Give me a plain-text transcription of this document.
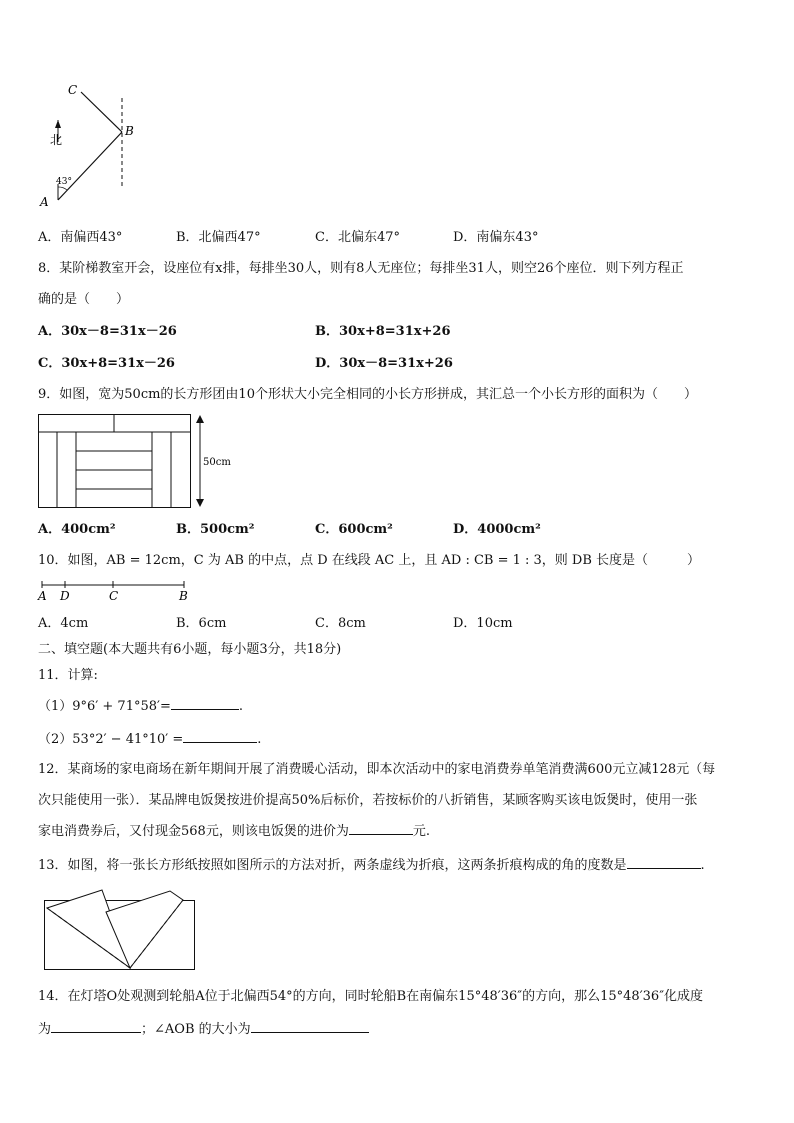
C
B
A
北
43°
A．南偏西43°	B．北偏西47°	C．北偏东47°	D．南偏东43°
8．某阶梯教室开会，设座位有x排，每排坐30人，则有8人无座位；每排坐31人，则空26个座位．则下列方程正
确的是（　　）
A．30x－8=31x－26	B．30x+8=31x+26
C．30x+8=31x－26	D．30x－8=31x+26
9．如图，宽为50cm的长方形团由10个形状大小完全相同的小长方形拼成，其汇总一个小长方形的面积为（　　）
50cm
A．400cm²	B．500cm²	C．600cm²	D．4000cm²
10．如图，AB = 12cm，C 为 AB 的中点，点 D 在线段 AC 上，且 AD : CB = 1 : 3，则 DB 长度是（　　　）
A D	C	B
A．4cm	B．6cm	C．8cm	D．10cm
二、填空题(本大题共有6小题，每小题3分，共18分)
11．计算:
（1）9°6′ + 71°58′=	.
（2）53°2′ − 41°10′ =	.
12．某商场的家电商场在新年期间开展了消费暖心活动，即本次活动中的家电消费券单笔消费满600元立减128元（每
次只能使用一张）．某品牌电饭煲按进价提高50%后标价，若按标价的八折销售，某顾客购买该电饭煲时，使用一张
家电消费券后，又付现金568元，则该电饭煲的进价为	元.
13．如图，将一张长方形纸按照如图所示的方法对折，两条虚线为折痕，这两条折痕构成的角的度数是	.
14．在灯塔O处观测到轮船A位于北偏西54°的方向，同时轮船B在南偏东15°48′36″的方向，那么15°48′36″化成度
为	；∠AOB 的大小为
